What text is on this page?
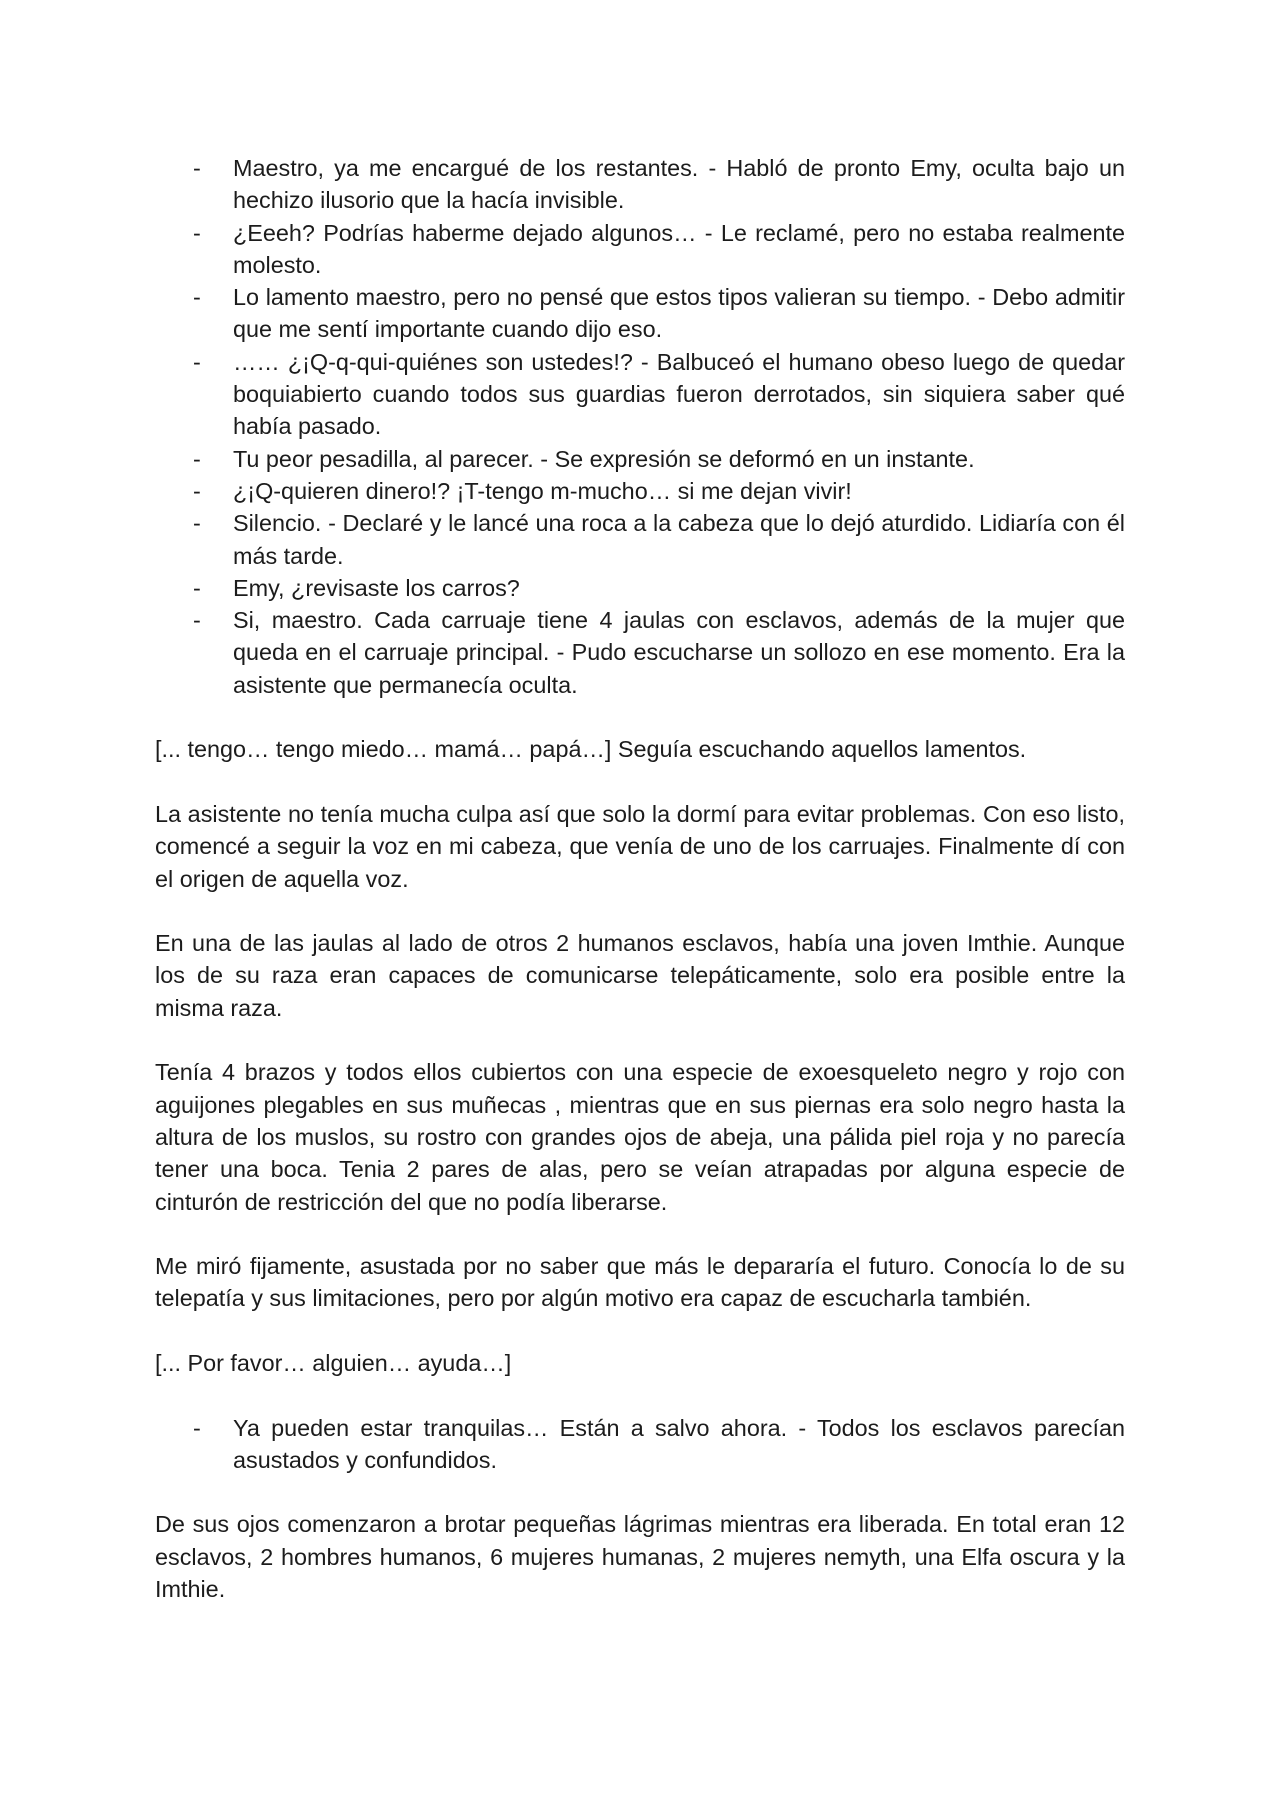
- Maestro, ya me encargué de los restantes. - Habló de pronto Emy, oculta bajo un hechizo ilusorio que la hacía invisible.
- ¿Eeeh? Podrías haberme dejado algunos… - Le reclamé, pero no estaba realmente molesto.
- Lo lamento maestro, pero no pensé que estos tipos valieran su tiempo. - Debo admitir que me sentí importante cuando dijo eso.
- …… ¿¡Q-q-qui-quiénes son ustedes!? - Balbuceó el humano obeso luego de quedar boquiabierto cuando todos sus guardias fueron derrotados, sin siquiera saber qué había pasado.
- Tu peor pesadilla, al parecer. - Se expresión se deformó en un instante.
- ¿¡Q-quieren dinero!? ¡T-tengo m-mucho… si me dejan vivir!
- Silencio. - Declaré y le lancé una roca a la cabeza que lo dejó aturdido. Lidiaría con él más tarde.
- Emy, ¿revisaste los carros?
- Si, maestro. Cada carruaje tiene 4 jaulas con esclavos, además de la mujer que queda en el carruaje principal. - Pudo escucharse un sollozo en ese momento. Era la asistente que permanecía oculta.

[... tengo… tengo miedo… mamá… papá…] Seguía escuchando aquellos lamentos.

La asistente no tenía mucha culpa así que solo la dormí para evitar problemas. Con eso listo, comencé a seguir la voz en mi cabeza, que venía de uno de los carruajes. Finalmente dí con el origen de aquella voz.

En una de las jaulas al lado de otros 2 humanos esclavos, había una joven Imthie. Aunque los de su raza eran capaces de comunicarse telepáticamente, solo era posible entre la misma raza.

Tenía 4 brazos y todos ellos cubiertos con una especie de exoesqueleto negro y rojo con aguijones plegables en sus muñecas , mientras que en sus piernas era solo negro hasta la altura de los muslos, su rostro con grandes ojos de abeja, una pálida piel roja y no parecía tener una boca. Tenia 2 pares de alas, pero se veían atrapadas por alguna especie de cinturón de restricción del que no podía liberarse.

Me miró fijamente, asustada por no saber que más le depararía el futuro. Conocía lo de su telepatía y sus limitaciones, pero por algún motivo era capaz de escucharla también.

[... Por favor… alguien… ayuda…]

- Ya pueden estar tranquilas… Están a salvo ahora. - Todos los esclavos parecían asustados y confundidos.

De sus ojos comenzaron a brotar pequeñas lágrimas mientras era liberada. En total eran 12 esclavos, 2 hombres humanos, 6 mujeres humanas, 2 mujeres nemyth, una Elfa oscura y la Imthie.
